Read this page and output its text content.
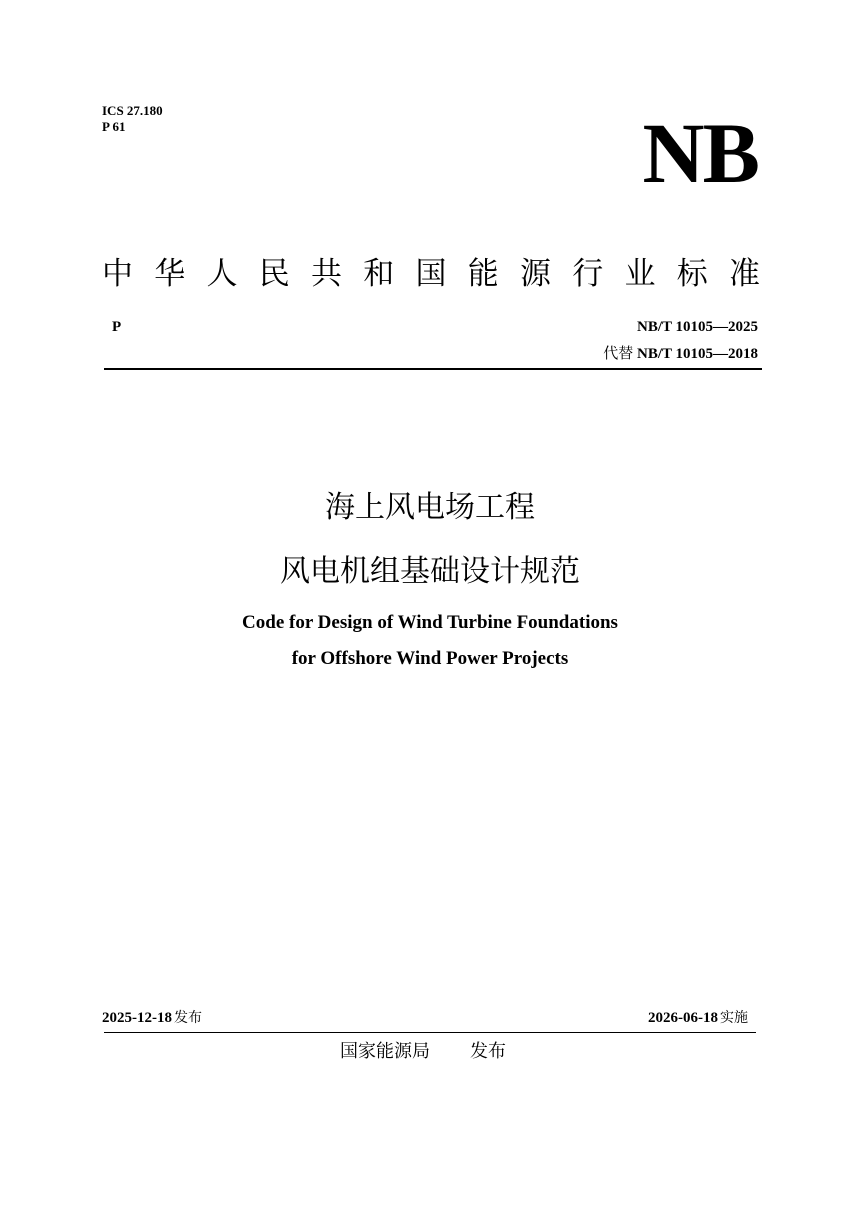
ICS 27.180
P 61	NB
中 华 人 民 共 和 国 能 源 行 业 标 准
P	NB/T 10105—2025
代替 NB/T 10105—2018
海上风电场工程
风电机组基础设计规范
Code for Design of Wind Turbine Foundations
for Offshore Wind Power Projects
2025-12-18 发布	2026-06-18 实施
国家能源局 发布
